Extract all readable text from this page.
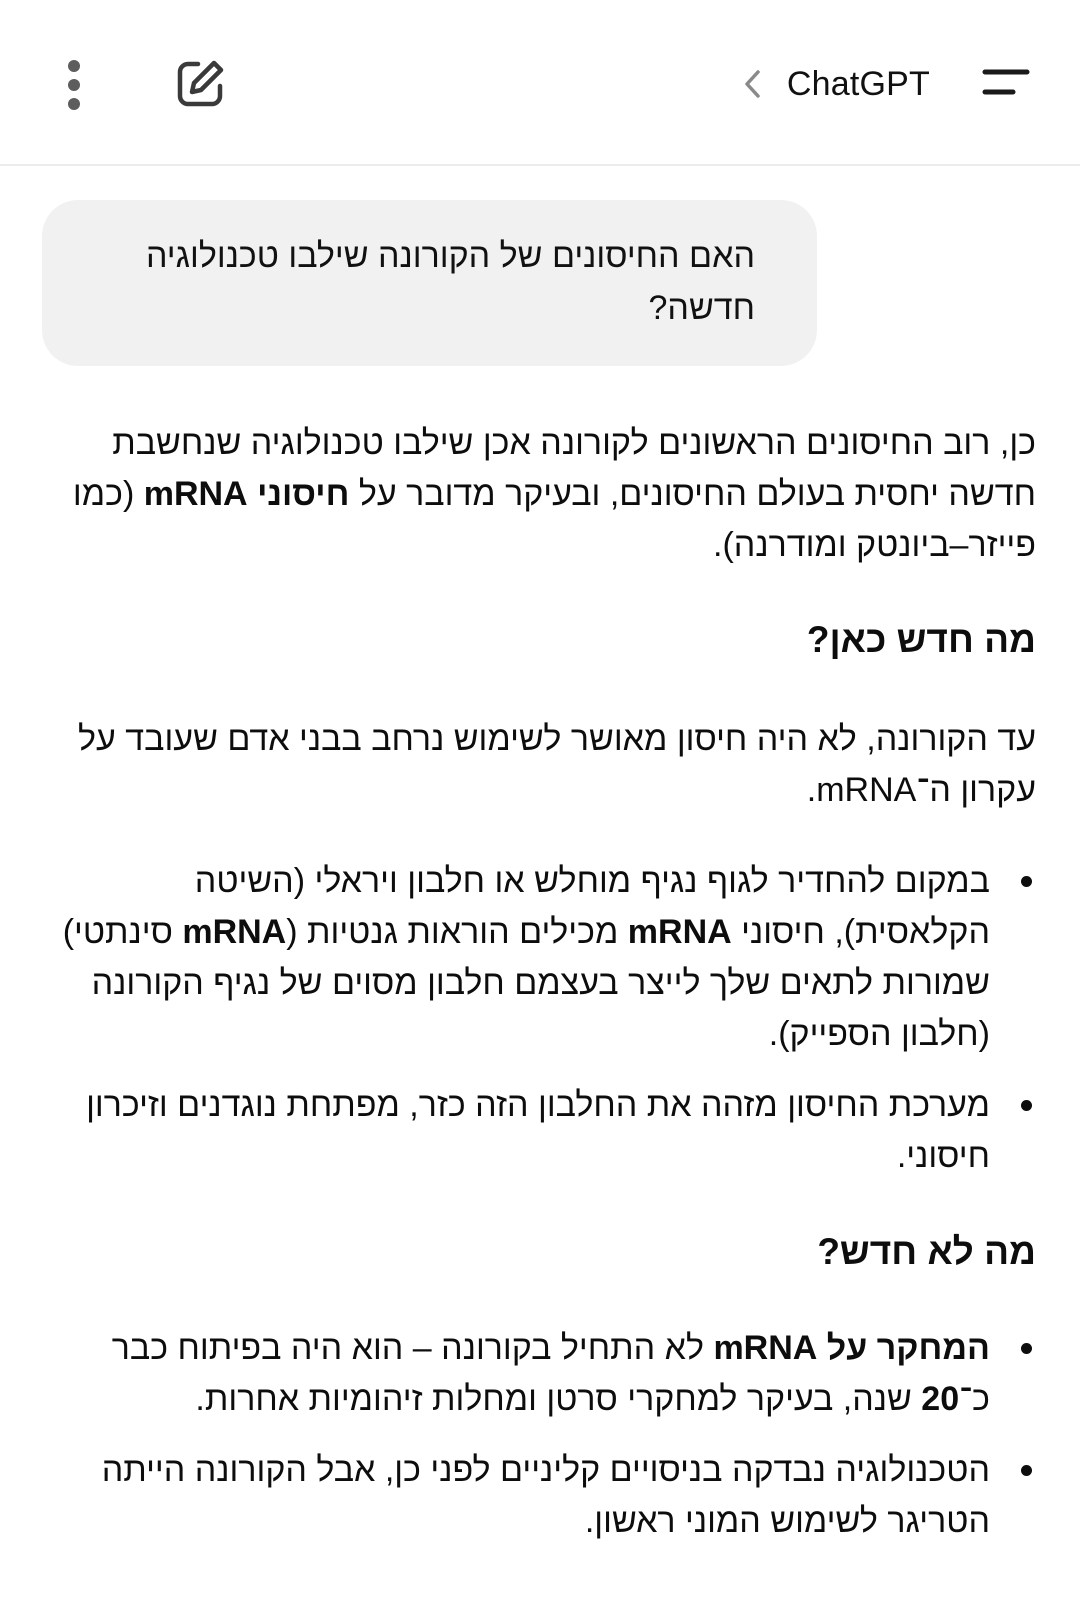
ChatGPT
האם החיסונים של הקורונה שילבו טכנולוגיה חדשה?

כן, רוב החיסונים הראשונים לקורונה אכן שילבו טכנולוגיה שנחשבת חדשה יחסית בעולם החיסונים, ובעיקר מדובר על חיסוני mRNA (כמו פייזר–ביונטק ומודרנה).

מה חדש כאן?

עד הקורונה, לא היה חיסון מאושר לשימוש נרחב בבני אדם שעובד על עקרון ה־mRNA.

במקום להחדיר לגוף נגיף מוחלש או חלבון ויראלי (השיטה הקלאסית), חיסוני mRNA מכילים הוראות גנטיות (mRNA סינתטי) שמורות לתאים שלך לייצר בעצמם חלבון מסוים של נגיף הקורונה (חלבון הספייק).
מערכת החיסון מזהה את החלבון הזה כזר, מפתחת נוגדנים וזיכרון חיסוני.
מה לא חדש?
המחקר על mRNA לא התחיל בקורונה – הוא היה בפיתוח כבר כ־20 שנה, בעיקר למחקרי סרטן ומחלות זיהומיות אחרות.
הטכנולוגיה נבדקה בניסויים קליניים לפני כן, אבל הקורונה הייתה הטריגר לשימוש המוני ראשון.
